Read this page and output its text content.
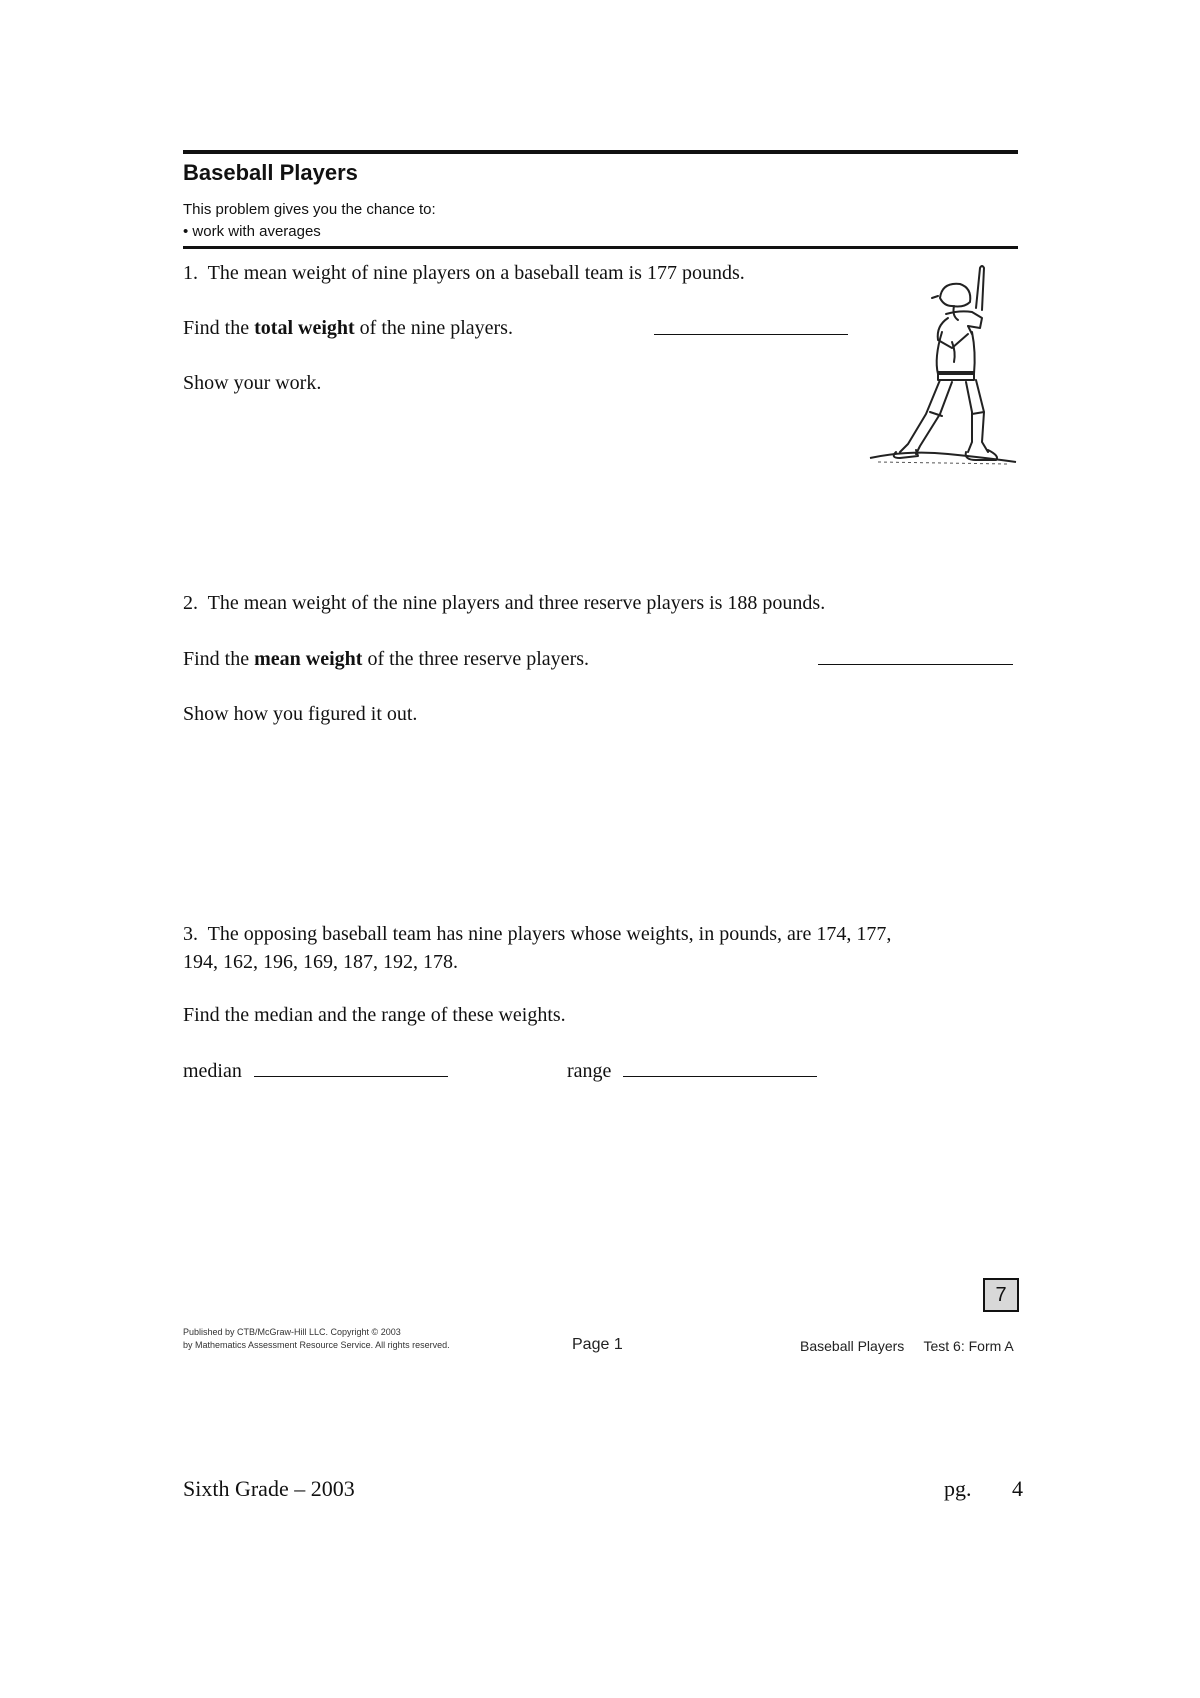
Baseball Players
This problem gives you the chance to:
• work with averages
1. The mean weight of nine players on a baseball team is 177 pounds.
Find the total weight of the nine players.
Show your work.
2. The mean weight of the nine players and three reserve players is 188 pounds.
Find the mean weight of the three reserve players.
Show how you figured it out.
3. The opposing baseball team has nine players whose weights, in pounds, are 174, 177,
194, 162, 196, 169, 187, 192, 178.
Find the median and the range of these weights.
median	range
7
Published by CTB/McGraw-Hill LLC. Copyright © 2003
by Mathematics Assessment Resource Service. All rights reserved.	Page 1	Baseball Players Test 6: Form A
Sixth Grade – 2003	pg. 4
